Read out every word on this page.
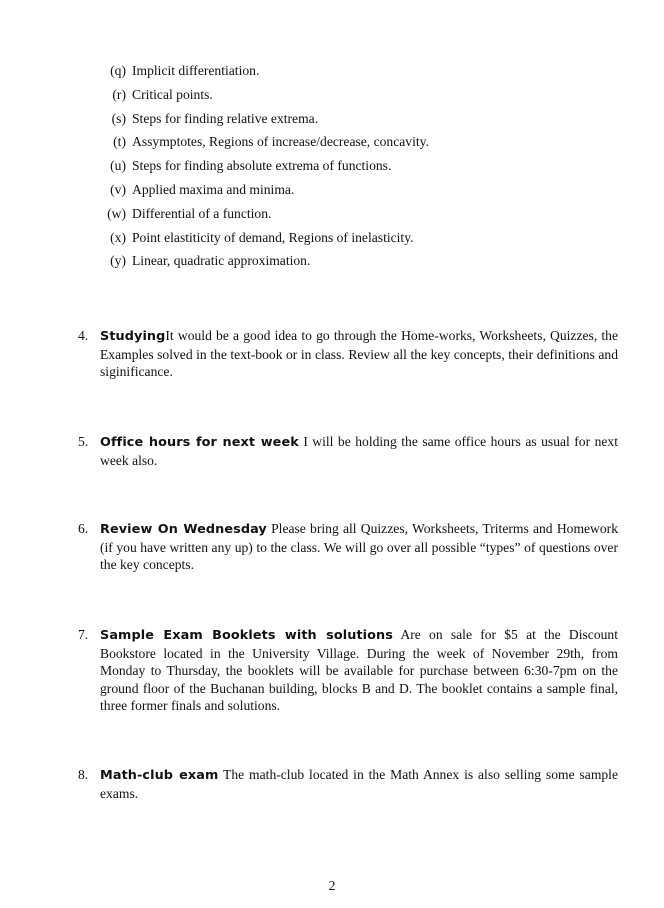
(q) Implicit differentiation.
(r) Critical points.
(s) Steps for finding relative extrema.
(t) Assymptotes, Regions of increase/decrease, concavity.
(u) Steps for finding absolute extrema of functions.
(v) Applied maxima and minima.
(w) Differential of a function.
(x) Point elastiticity of demand, Regions of inelasticity.
(y) Linear, quadratic approximation.
4. StudyingIt would be a good idea to go through the Home-works, Worksheets, Quizzes, the Examples solved in the text-book or in class. Review all the key concepts, their definitions and siginificance.
5. Office hours for next week I will be holding the same office hours as usual for next week also.
6. Review On Wednesday Please bring all Quizzes, Worksheets, Triterms and Homework (if you have written any up) to the class. We will go over all possible “types” of questions over the key concepts.
7. Sample Exam Booklets with solutions Are on sale for $5 at the Discount Bookstore located in the University Village. During the week of November 29th, from Monday to Thursday, the booklets will be available for purchase between 6:30-7pm on the ground floor of the Buchanan building, blocks B and D. The booklet contains a sample final, three former finals and solutions.
8. Math-club exam The math-club located in the Math Annex is also selling some sample exams.
2
